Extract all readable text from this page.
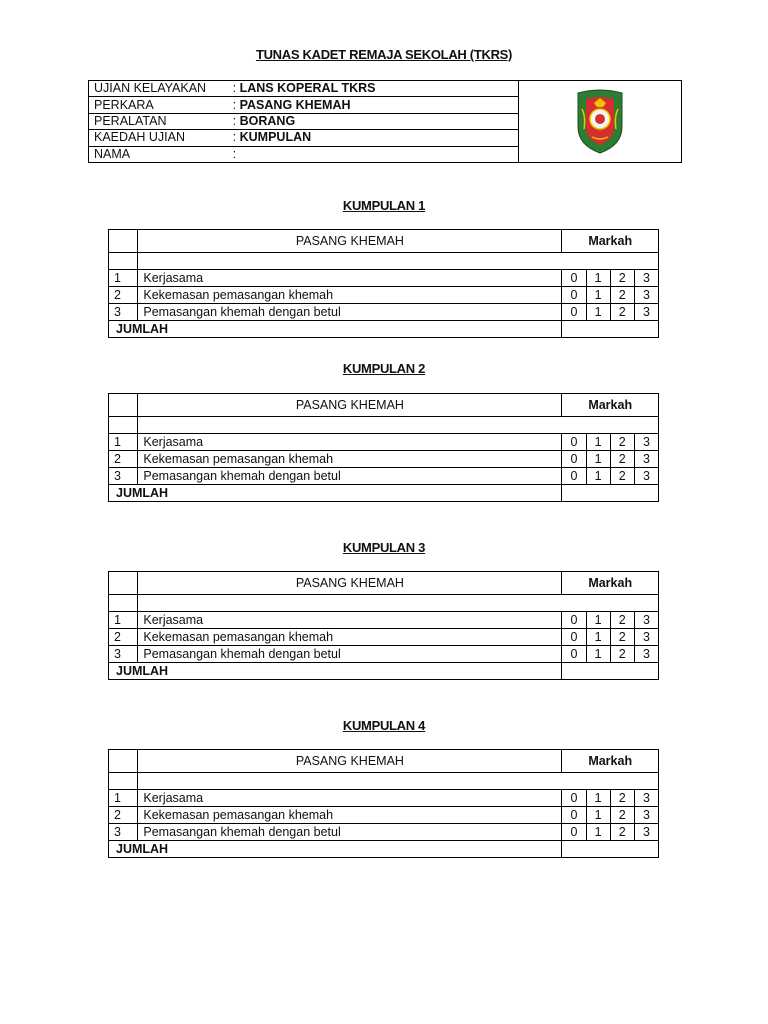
TUNAS KADET REMAJA SEKOLAH (TKRS)
UJIAN KELAYAKAN	: LANS KOPERAL TKRS	

PERKARA	: PASANG KHEMAH	
PERALATAN	: BORANG	
KAEDAH UJIAN	: KUMPULAN	
NAMA	:	
KUMPULAN 1
	PASANG KHEMAH	Markah			

1	Kerjasama	0	1	2	3
2	Kekemasan pemasangan khemah	0	1	2	3
3	Pemasangan khemah dengan betul	0	1	2	3
JUMLAH					
KUMPULAN 2
	PASANG KHEMAH	Markah			

1	Kerjasama	0	1	2	3
2	Kekemasan pemasangan khemah	0	1	2	3
3	Pemasangan khemah dengan betul	0	1	2	3
JUMLAH					
KUMPULAN 3
	PASANG KHEMAH	Markah			

1	Kerjasama	0	1	2	3
2	Kekemasan pemasangan khemah	0	1	2	3
3	Pemasangan khemah dengan betul	0	1	2	3
JUMLAH					
KUMPULAN 4
	PASANG KHEMAH	Markah			

1	Kerjasama	0	1	2	3
2	Kekemasan pemasangan khemah	0	1	2	3
3	Pemasangan khemah dengan betul	0	1	2	3
JUMLAH					
